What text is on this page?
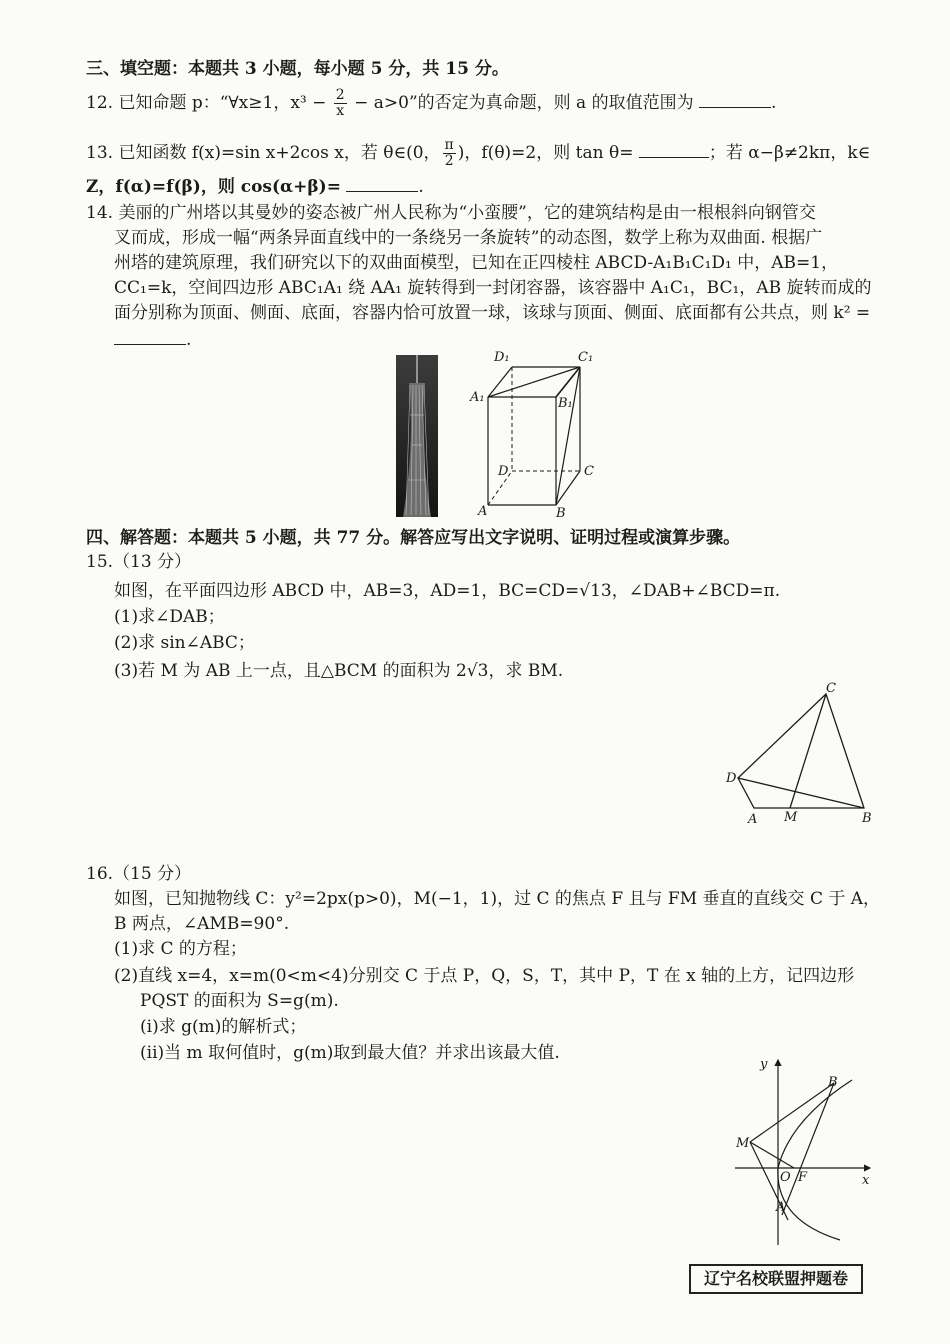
三、填空题：本题共 3 小题，每小题 5 分，共 15 分。
12. 已知命题 p：“∀x≥1，$x^3 - \frac{2}{x} - a>0$”的否定为真命题，则 a 的取值范围为	.
13. 已知函数 f(x)=sin x+2cos x，若 θ∈(0， $\frac{\pi}{2}$ )，f(θ)=2，则 tan θ=	；若 α−β≠2kπ，k∈
Z，f(α)=f(β)，则 cos(α+β)=	.
14. 美丽的广州塔以其曼妙的姿态被广州人民称为“小蛮腰”，它的建筑结构是由一根根斜向钢管交
叉而成，形成一幅“两条异面直线中的一条绕另一条旋转”的动态图，数学上称为双曲面. 根据广
州塔的建筑原理，我们研究以下的双曲面模型，已知在正四棱柱 ABCD-A₁B₁C₁D₁ 中，AB=1，
CC₁=k，空间四边形 ABC₁A₁ 绕 AA₁ 旋转得到一封闭容器，该容器中 A₁C₁，BC₁，AB 旋转而成的
面分别称为顶面、侧面、底面，容器内恰可放置一球，该球与顶面、侧面、底面都有公共点，则 k² =
.
D₁	C₁
A₁	B₁
D	C
A	B
四、解答题：本题共 5 小题，共 77 分。解答应写出文字说明、证明过程或演算步骤。
15.（13 分）
如图，在平面四边形 ABCD 中，AB=3，AD=1，BC=CD=√13，∠DAB+∠BCD=π.
(1)求∠DAB；
(2)求 sin∠ABC；
(3)若 M 为 AB 上一点，且△BCM 的面积为 2√3，求 BM.
C
D
A M	B
16.（15 分）
如图，已知抛物线 C：y²=2px(p>0)，M(−1，1)，过 C 的焦点 F 且与 FM 垂直的直线交 C 于 A，
B 两点，∠AMB=90°.
(1)求 C 的方程；
(2)直线 x=4，x=m(0<m<4)分别交 C 于点 P，Q，S，T，其中 P，T 在 x 轴的上方，记四边形
PQST 的面积为 S=g(m).
(i)求 g(m)的解析式；
(ii)当 m 取何值时，g(m)取到最大值？并求出该最大值.
y
x
B
M
O F
A
辽宁名校联盟押题卷
